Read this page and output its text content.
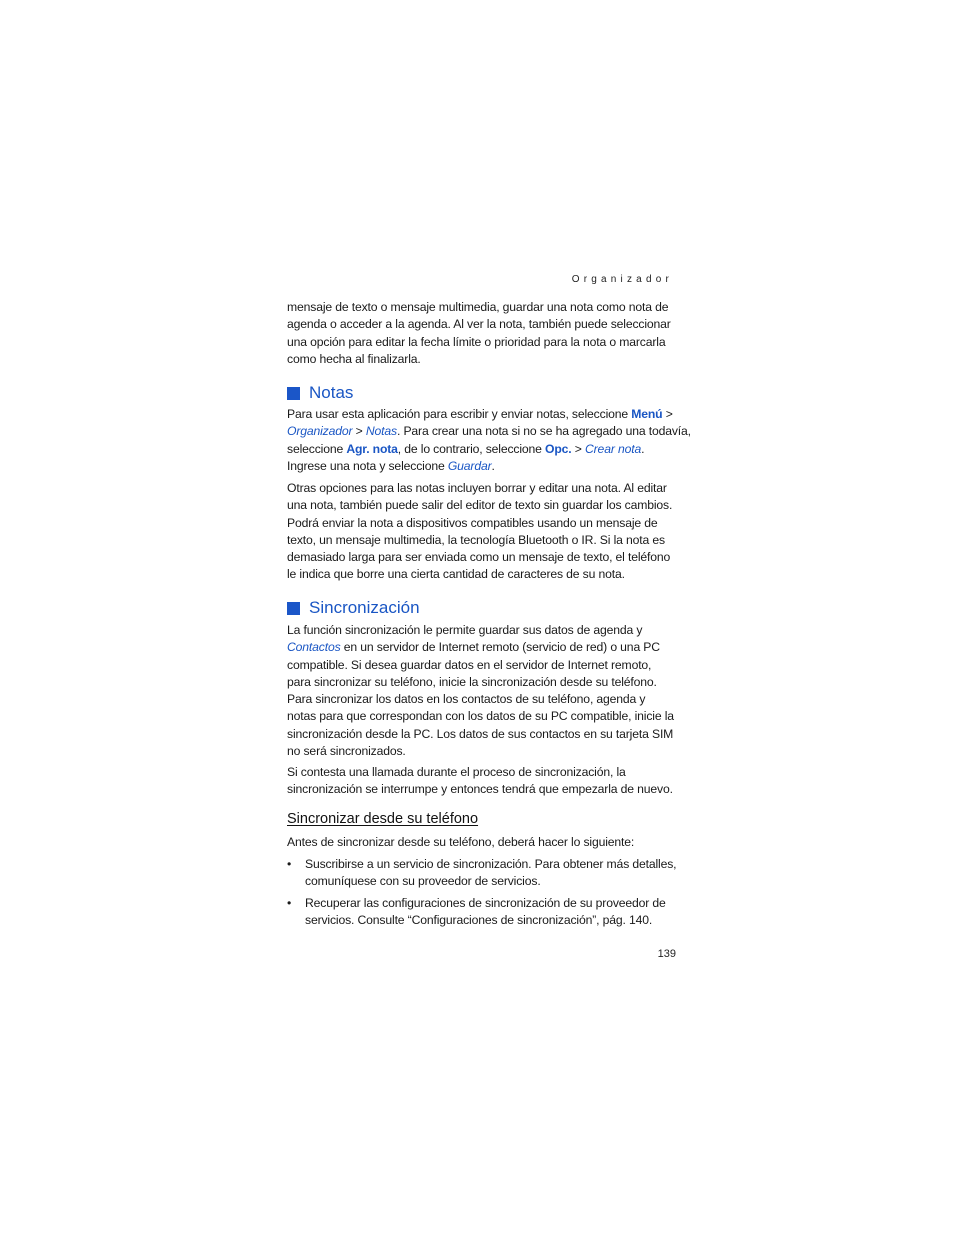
Organizador

mensaje de texto o mensaje multimedia, guardar una nota como nota de

agenda o acceder a la agenda. Al ver la nota, también puede seleccionar

una opción para editar la fecha límite o prioridad para la nota o marcarla

como hecha al finalizarla.

Notas

Para usar esta aplicación para escribir y enviar notas, seleccione Menú >

Organizador > Notas. Para crear una nota si no se ha agregado una todavía,

seleccione Agr. nota, de lo contrario, seleccione Opc. > Crear nota.

Ingrese una nota y seleccione Guardar.

Otras opciones para las notas incluyen borrar y editar una nota. Al editar

una nota, también puede salir del editor de texto sin guardar los cambios.

Podrá enviar la nota a dispositivos compatibles usando un mensaje de

texto, un mensaje multimedia, la tecnología Bluetooth o IR. Si la nota es

demasiado larga para ser enviada como un mensaje de texto, el teléfono

le indica que borre una cierta cantidad de caracteres de su nota.

Sincronización

La función sincronización le permite guardar sus datos de agenda y

Contactos en un servidor de Internet remoto (servicio de red) o una PC

compatible. Si desea guardar datos en el servidor de Internet remoto,

para sincronizar su teléfono, inicie la sincronización desde su teléfono.

Para sincronizar los datos en los contactos de su teléfono, agenda y

notas para que correspondan con los datos de su PC compatible, inicie la

sincronización desde la PC. Los datos de sus contactos en su tarjeta SIM

no será sincronizados.

Si contesta una llamada durante el proceso de sincronización, la

sincronización se interrumpe y entonces tendrá que empezarla de nuevo.

Sincronizar desde su teléfono

Antes de sincronizar desde su teléfono, deberá hacer lo siguiente:

• Suscribirse a un servicio de sincronización. Para obtener más detalles,

comuníquese con su proveedor de servicios.

• Recuperar las configuraciones de sincronización de su proveedor de

servicios. Consulte “Configuraciones de sincronización”, pág. 140.

139
